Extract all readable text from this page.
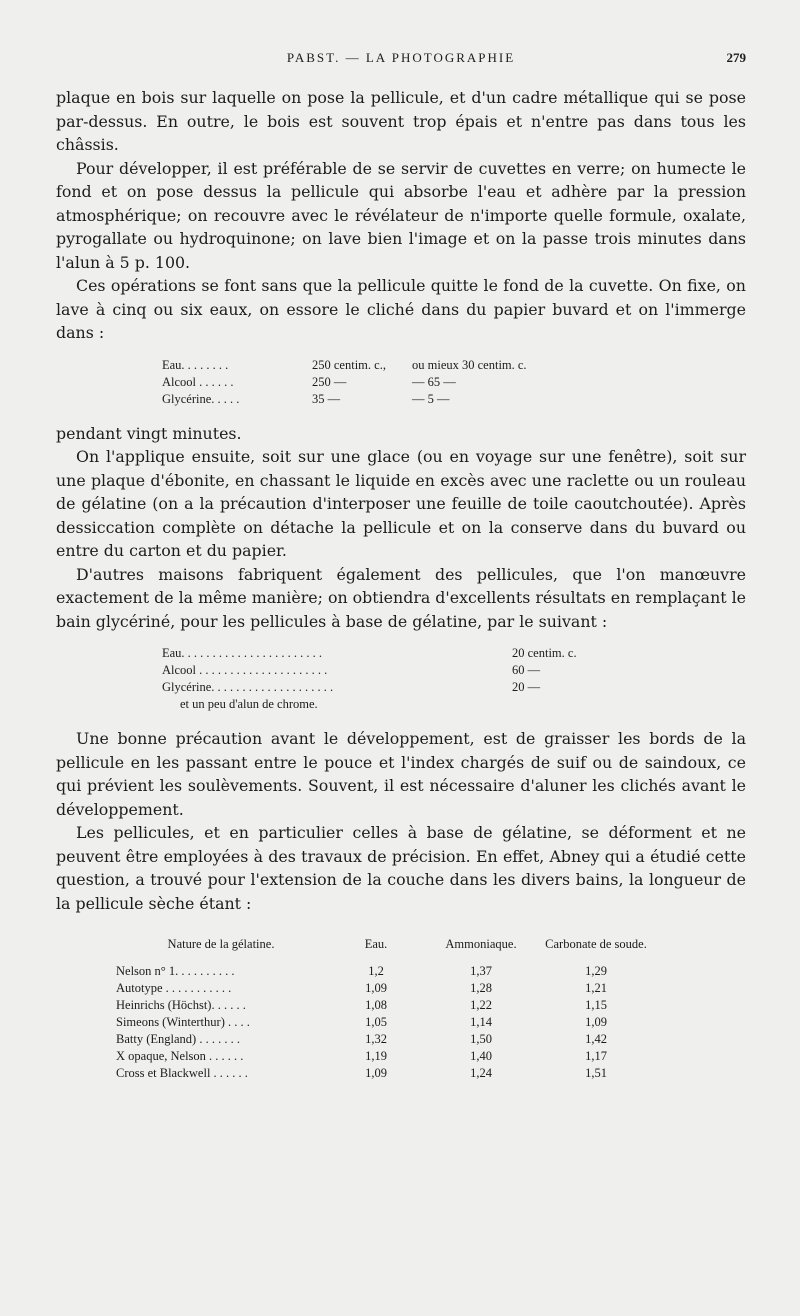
PABST. — LA PHOTOGRAPHIE	279

plaque en bois sur laquelle on pose la pellicule, et d'un cadre métallique qui se pose par-dessus. En outre, le bois est souvent trop épais et n'entre pas dans tous les châssis.

Pour développer, il est préférable de se servir de cuvettes en verre; on humecte le fond et on pose dessus la pellicule qui absorbe l'eau et adhère par la pression atmosphérique; on recouvre avec le révélateur de n'importe quelle formule, oxalate, pyrogallate ou hydroquinone; on lave bien l'image et on la passe trois minutes dans l'alun à 5 p. 100.

Ces opérations se font sans que la pellicule quitte le fond de la cuvette. On fixe, on lave à cinq ou six eaux, on essore le cliché dans du papier buvard et on l'immerge dans :

Eau. . . . . . . .	250 centim. c.,	ou mieux 30 centim. c.
Alcool . . . . . .	250 —	— 65 —
Glycérine. . . . .	35 —	— 5 —

pendant vingt minutes.

On l'applique ensuite, soit sur une glace (ou en voyage sur une fenêtre), soit sur une plaque d'ébonite, en chassant le liquide en excès avec une raclette ou un rouleau de gélatine (on a la précaution d'interposer une feuille de toile caoutchoutée). Après dessiccation complète on détache la pellicule et on la conserve dans du buvard ou entre du carton et du papier.

D'autres maisons fabriquent également des pellicules, que l'on manœuvre exactement de la même manière; on obtiendra d'excellents résultats en remplaçant le bain glycériné, pour les pellicules à base de gélatine, par le suivant :

Eau. . . . . . . . . . . . . . . . . . . . . . .	20 centim. c.
Alcool . . . . . . . . . . . . . . . . . . . . .	60 —
Glycérine. . . . . . . . . . . . . . . . . . . .	20 —
et un peu d'alun de chrome.

Une bonne précaution avant le développement, est de graisser les bords de la pellicule en les passant entre le pouce et l'index chargés de suif ou de saindoux, ce qui prévient les soulèvements. Souvent, il est nécessaire d'aluner les clichés avant le développement.

Les pellicules, et en particulier celles à base de gélatine, se déforment et ne peuvent être employées à des travaux de précision. En effet, Abney qui a étudié cette question, a trouvé pour l'extension de la couche dans les divers bains, la longueur de la pellicule sèche étant :

Nature de la gélatine.	Eau.	Ammoniaque.	Carbonate de soude.
Nelson n° 1. . . . . . . . . .	1,2	1,37	1,29
Autotype . . . . . . . . . . .	1,09	1,28	1,21
Heinrichs (Höchst). . . . . .	1,08	1,22	1,15
Simeons (Winterthur) . . . .	1,05	1,14	1,09
Batty (England) . . . . . . .	1,32	1,50	1,42
X opaque, Nelson . . . . . .	1,19	1,40	1,17
Cross et Blackwell . . . . . .	1,09	1,24	1,51
